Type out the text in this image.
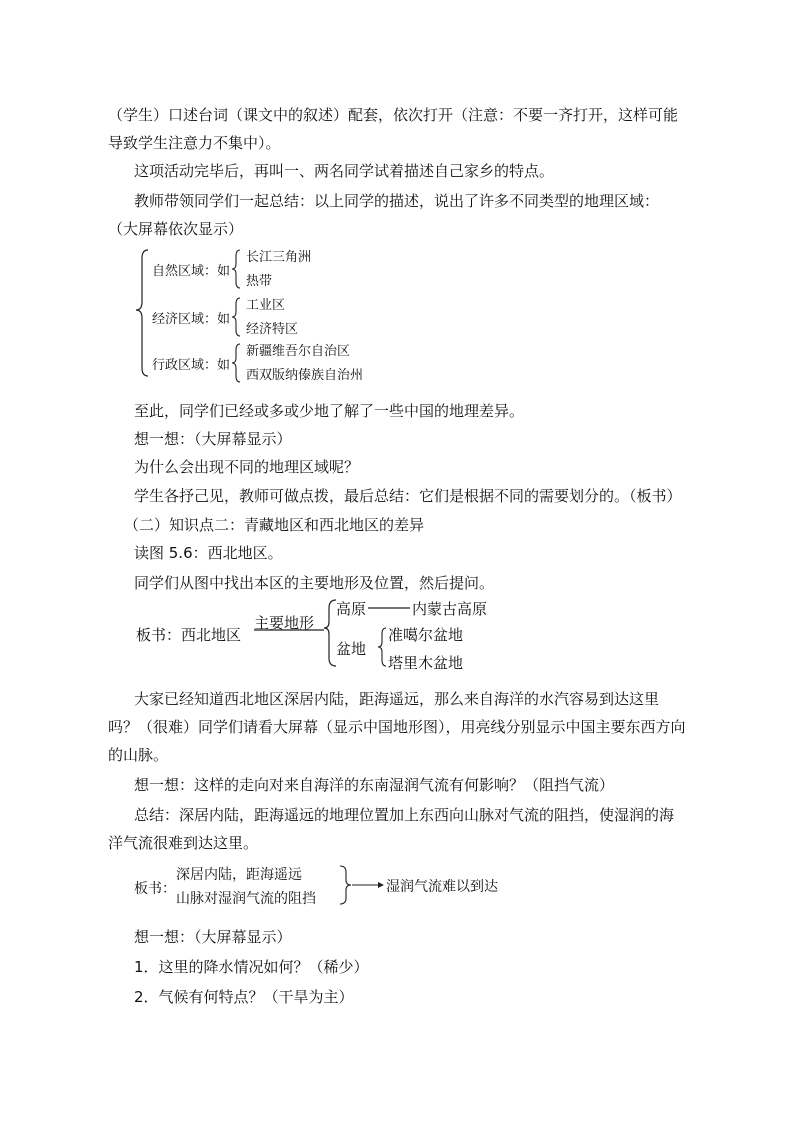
（学生）口述台词（课文中的叙述）配套，依次打开（注意：不要一齐打开，这样可能
导致学生注意力不集中）。
这项活动完毕后，再叫一、两名同学试着描述自己家乡的特点。
教师带领同学们一起总结：以上同学的描述，说出了许多不同类型的地理区域：
（大屏幕依次显示）
自然区域：如
长江三角洲
热带
经济区域：如
工业区
经济特区
行政区域：如
新疆维吾尔自治区
西双版纳傣族自治州
至此，同学们已经或多或少地了解了一些中国的地理差异。
想一想：（大屏幕显示）
为什么会出现不同的地理区域呢？
学生各抒己见，教师可做点拨，最后总结：它们是根据不同的需要划分的。（板书）
（二）知识点二：青藏地区和西北地区的差异
读图 5.6：西北地区。
同学们从图中找出本区的主要地形及位置，然后提问。
板书：西北地区
主要地形
高原	内蒙古高原
盆地
准噶尔盆地
塔里木盆地
大家已经知道西北地区深居内陆，距海遥远，那么来自海洋的水汽容易到达这里
吗？（很难）同学们请看大屏幕（显示中国地形图），用亮线分别显示中国主要东西方向
的山脉。
想一想：这样的走向对来自海洋的东南湿润气流有何影响？（阻挡气流）
总结：深居内陆，距海遥远的地理位置加上东西向山脉对气流的阻挡，使湿润的海
洋气流很难到达这里。
板书：
深居内陆，距海遥远
山脉对湿润气流的阻挡
湿润气流难以到达
想一想：（大屏幕显示）
1．这里的降水情况如何？（稀少）
2．气候有何特点？（干旱为主）
